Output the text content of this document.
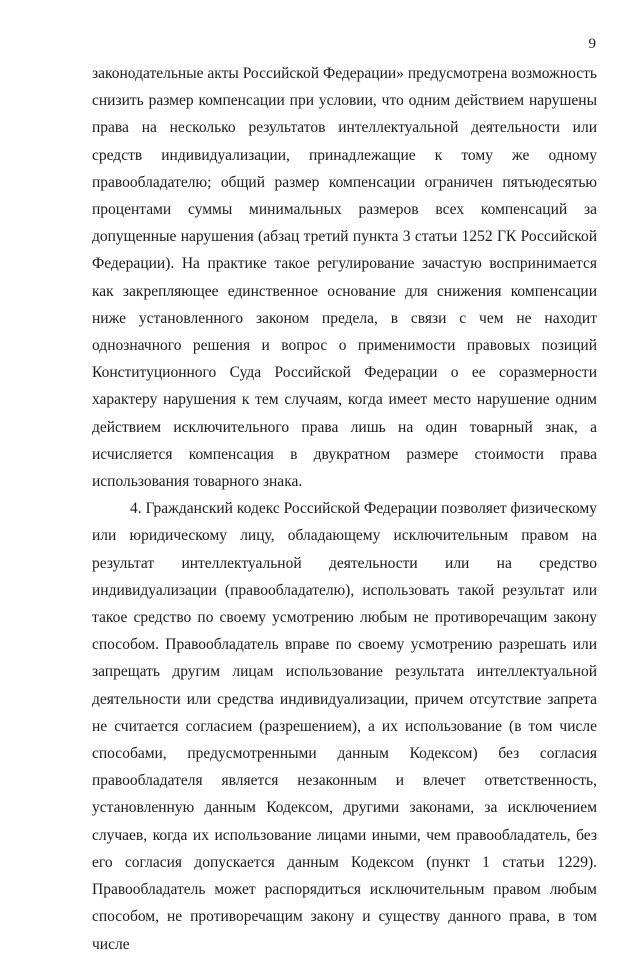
9

законодательные акты Российской Федерации» предусмотрена возможность снизить размер компенсации при условии, что одним действием нарушены права на несколько результатов интеллектуальной деятельности или средств индивидуализации, принадлежащие к тому же одному правообладателю; общий размер компенсации ограничен пятьюдесятью процентами суммы минимальных размеров всех компенсаций за допущенные нарушения (абзац третий пункта 3 статьи 1252 ГК Российской Федерации). На практике такое регулирование зачастую воспринимается как закрепляющее единственное основание для снижения компенсации ниже установленного законом предела, в связи с чем не находит однозначного решения и вопрос о применимости правовых позиций Конституционного Суда Российской Федерации о ее соразмерности характеру нарушения к тем случаям, когда имеет место нарушение одним действием исключительного права лишь на один товарный знак, а исчисляется компенсация в двукратном размере стоимости права использования товарного знака.

4. Гражданский кодекс Российской Федерации позволяет физическому или юридическому лицу, обладающему исключительным правом на результат интеллектуальной деятельности или на средство индивидуализации (правообладателю), использовать такой результат или такое средство по своему усмотрению любым не противоречащим закону способом. Правообладатель вправе по своему усмотрению разрешать или запрещать другим лицам использование результата интеллектуальной деятельности или средства индивидуализации, причем отсутствие запрета не считается согласием (разрешением), а их использование (в том числе способами, предусмотренными данным Кодексом) без согласия правообладателя является незаконным и влечет ответственность, установленную данным Кодексом, другими законами, за исключением случаев, когда их использование лицами иными, чем правообладатель, без его согласия допускается данным Кодексом (пункт 1 статьи 1229). Правообладатель может распорядиться исключительным правом любым способом, не противоречащим закону и существу данного права, в том числе
